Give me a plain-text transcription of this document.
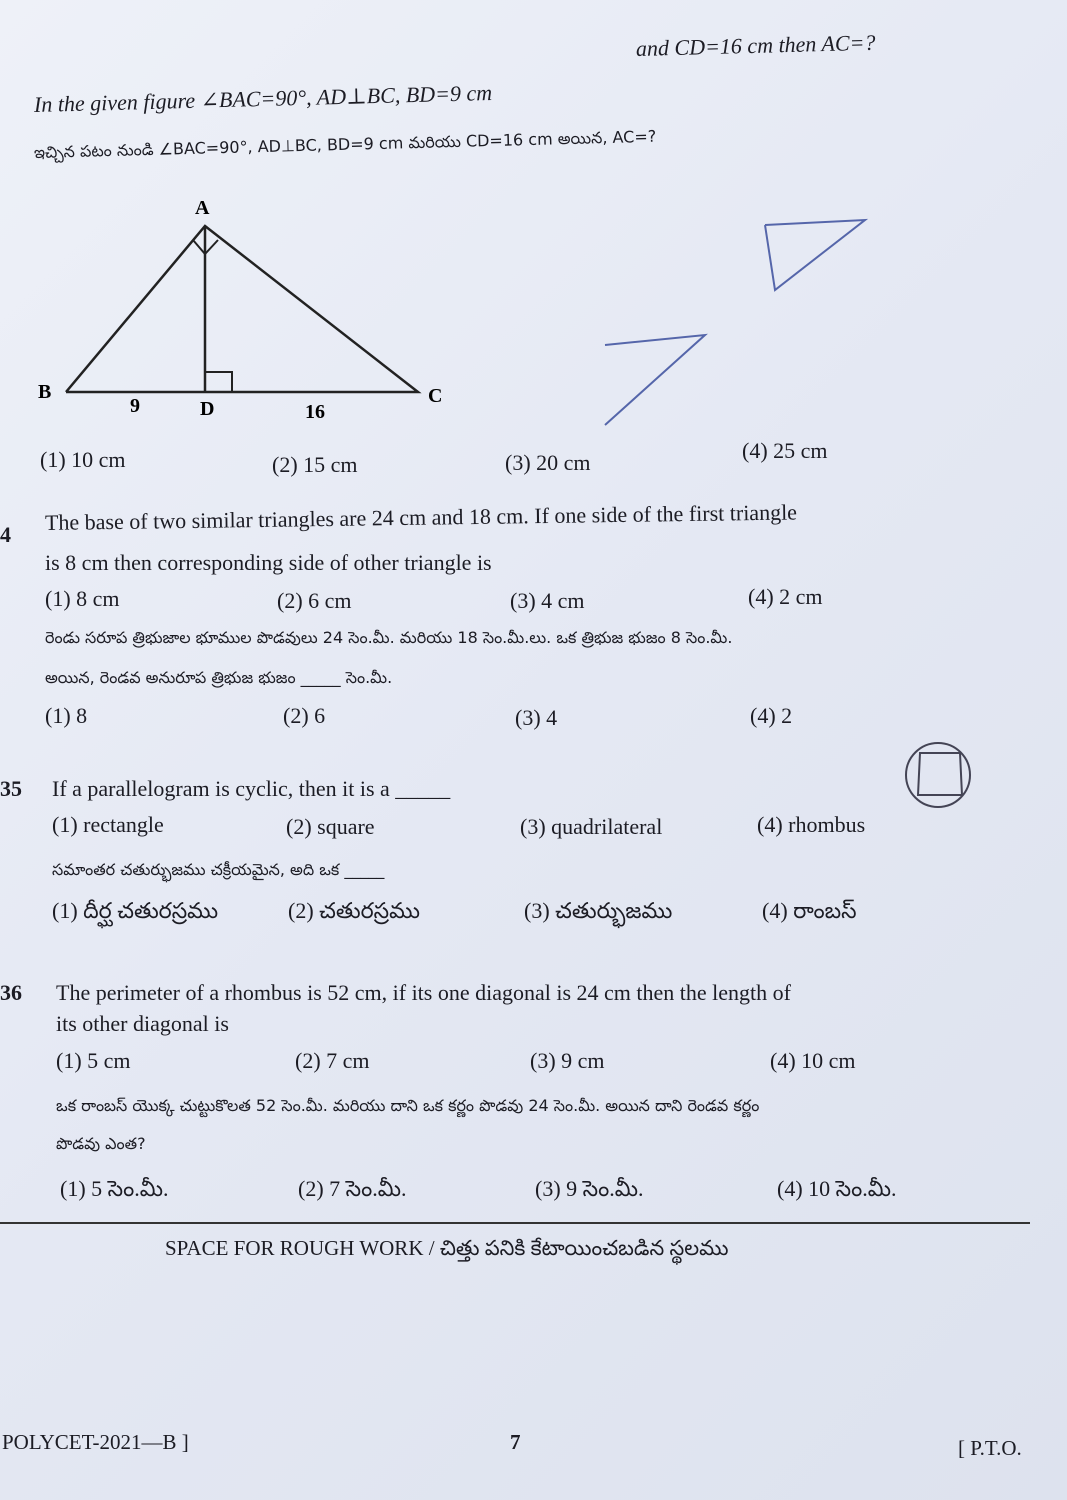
In the given figure ∠BAC=90°, AD⊥BC, BD=9 cm
and CD=16 cm then AC=?
ఇచ్చిన పటం నుండి ∠BAC=90°, AD⊥BC, BD=9 cm మరియు CD=16 cm అయిన, AC=?
A
B	C
D
9	16
(1) 10 cm	(2) 15 cm	(3) 20 cm	(4) 25 cm
4 The base of two similar triangles are 24 cm and 18 cm. If one side of the first triangle
is 8 cm then corresponding side of other triangle is
(1) 8 cm	(2) 6 cm	(3) 4 cm	(4) 2 cm
రెండు సరూప త్రిభుజాల భూముల పొడవులు 24 సెం.మీ. మరియు 18 సెం.మీ.లు. ఒక త్రిభుజ భుజం 8 సెం.మీ.
అయిన, రెండవ అనురూప త్రిభుజ భుజం _____ సెం.మీ.
(1) 8	(2) 6	(3) 4	(4) 2
35 If a parallelogram is cyclic, then it is a _____
(1) rectangle	(2) square	(3) quadrilateral	(4) rhombus
సమాంతర చతుర్భుజము చక్రీయమైన, అది ఒక _____
(1) దీర్ఘ చతురస్రము	(2) చతురస్రము	(3) చతుర్భుజము	(4) రాంబస్
36 The perimeter of a rhombus is 52 cm, if its one diagonal is 24 cm then the length of
its other diagonal is
(1) 5 cm	(2) 7 cm	(3) 9 cm	(4) 10 cm
ఒక రాంబస్ యొక్క చుట్టుకొలత 52 సెం.మీ. మరియు దాని ఒక కర్ణం పొడవు 24 సెం.మీ. అయిన దాని రెండవ కర్ణం
పొడవు ఎంత?
(1) 5 సెం.మీ.	(2) 7 సెం.మీ.	(3) 9 సెం.మీ.	(4) 10 సెం.మీ.
SPACE FOR ROUGH WORK / చిత్తు పనికి కేటాయించబడిన స్థలము
POLYCET-2021—B ]	7	[ P.T.O.
